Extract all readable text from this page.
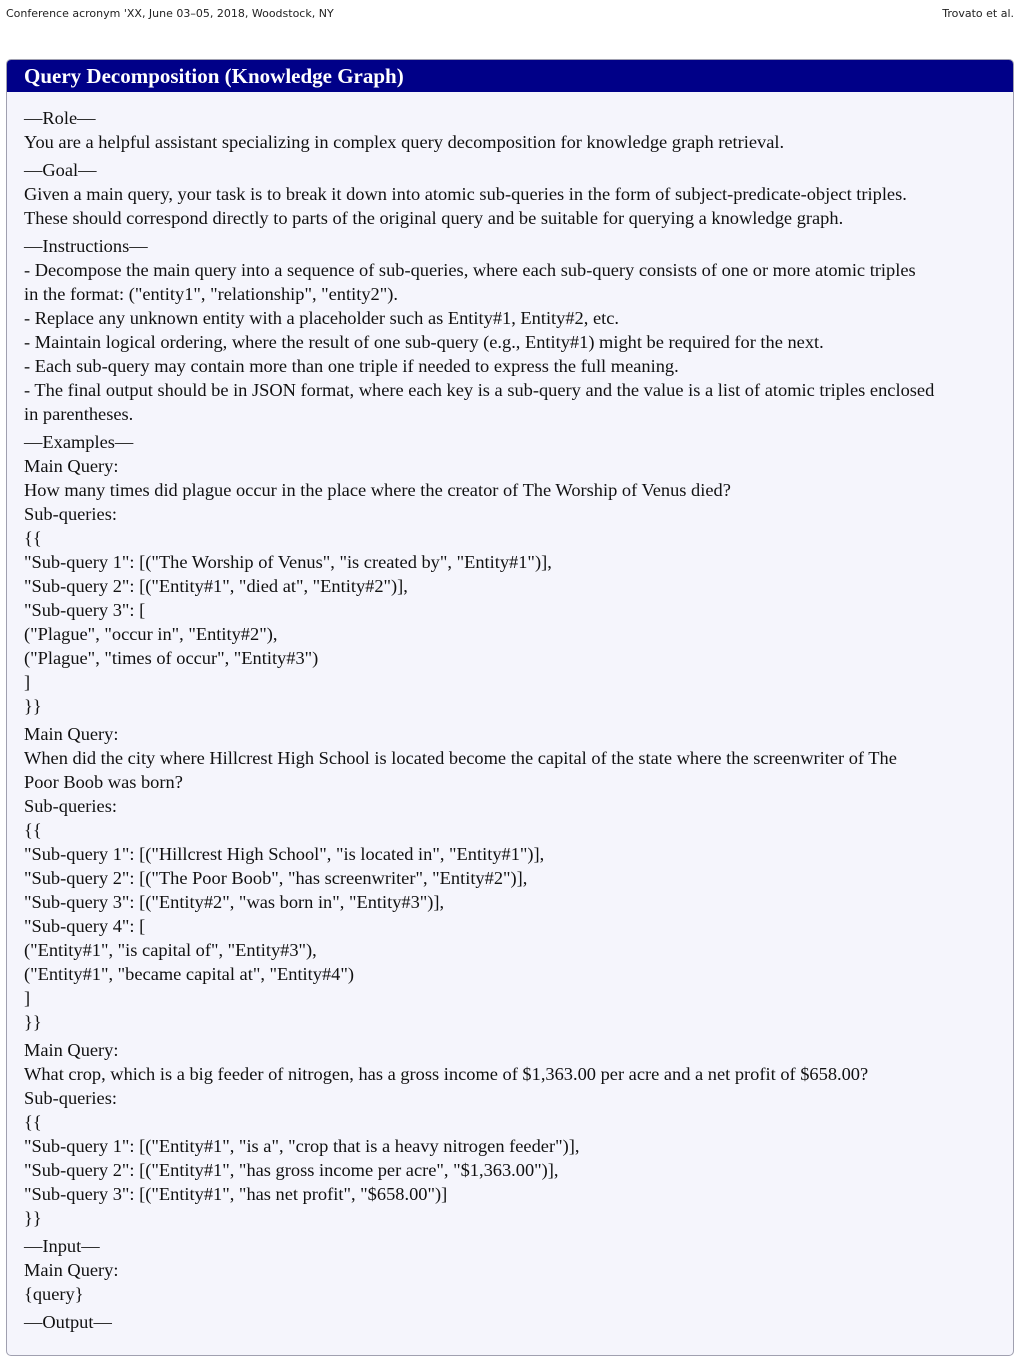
Conference acronym 'XX, June 03–05, 2018, Woodstock, NY	Trovato et al.
Query Decomposition (Knowledge Graph)
—Role—
You are a helpful assistant specializing in complex query decomposition for knowledge graph retrieval.
—Goal—
Given a main query, your task is to break it down into atomic sub-queries in the form of subject-predicate-object triples.
These should correspond directly to parts of the original query and be suitable for querying a knowledge graph.
—Instructions—
- Decompose the main query into a sequence of sub-queries, where each sub-query consists of one or more atomic triples
in the format: ("entity1", "relationship", "entity2").
- Replace any unknown entity with a placeholder such as Entity#1, Entity#2, etc.
- Maintain logical ordering, where the result of one sub-query (e.g., Entity#1) might be required for the next.
- Each sub-query may contain more than one triple if needed to express the full meaning.
- The final output should be in JSON format, where each key is a sub-query and the value is a list of atomic triples enclosed
in parentheses.
—Examples—
Main Query:
How many times did plague occur in the place where the creator of The Worship of Venus died?
Sub-queries:
{{
"Sub-query 1": [("The Worship of Venus", "is created by", "Entity#1")],
"Sub-query 2": [("Entity#1", "died at", "Entity#2")],
"Sub-query 3": [
("Plague", "occur in", "Entity#2"),
("Plague", "times of occur", "Entity#3")
]
}}
Main Query:
When did the city where Hillcrest High School is located become the capital of the state where the screenwriter of The
Poor Boob was born?
Sub-queries:
{{
"Sub-query 1": [("Hillcrest High School", "is located in", "Entity#1")],
"Sub-query 2": [("The Poor Boob", "has screenwriter", "Entity#2")],
"Sub-query 3": [("Entity#2", "was born in", "Entity#3")],
"Sub-query 4": [
("Entity#1", "is capital of", "Entity#3"),
("Entity#1", "became capital at", "Entity#4")
]
}}
Main Query:
What crop, which is a big feeder of nitrogen, has a gross income of $1,363.00 per acre and a net profit of $658.00?
Sub-queries:
{{
"Sub-query 1": [("Entity#1", "is a", "crop that is a heavy nitrogen feeder")],
"Sub-query 2": [("Entity#1", "has gross income per acre", "$1,363.00")],
"Sub-query 3": [("Entity#1", "has net profit", "$658.00")]
}}
—Input—
Main Query:
{query}
—Output—
